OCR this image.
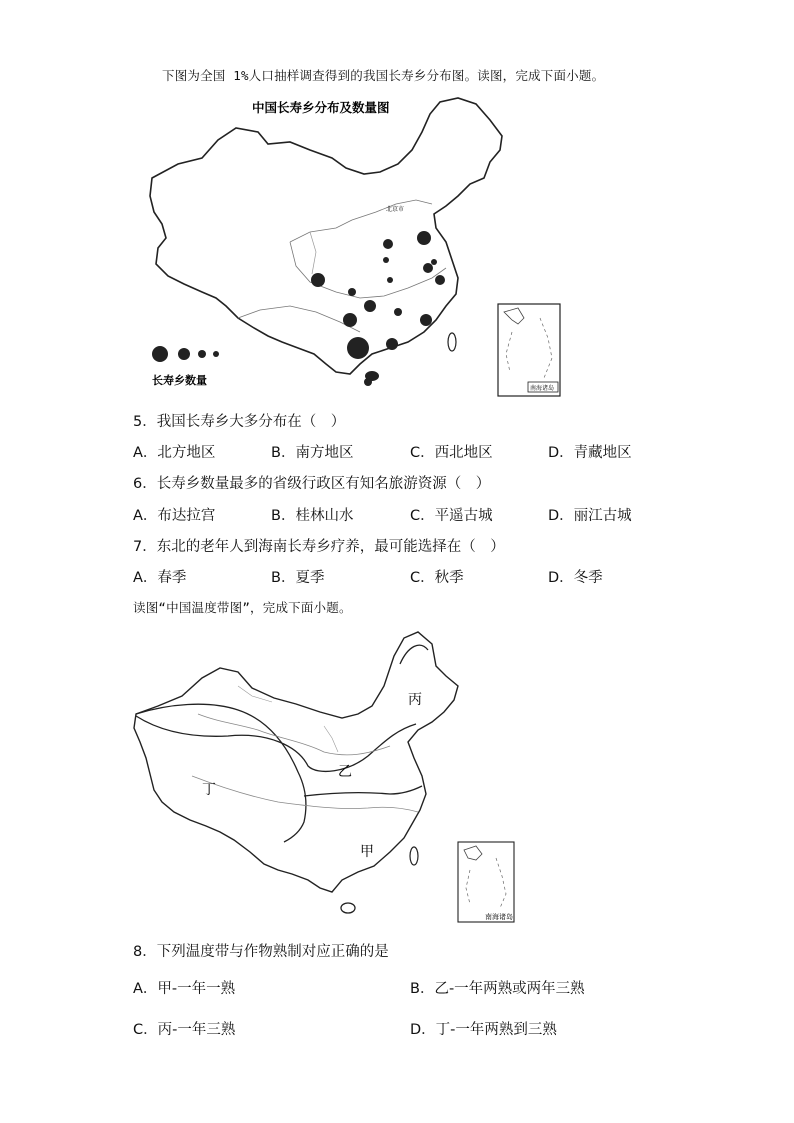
下图为全国 1%人口抽样调查得到的我国长寿乡分布图。读图，完成下面小题。
中国长寿乡分布及数量图
北京市
长寿乡数量
南海诸岛
5．我国长寿乡大多分布在（　）
A．北方地区	B．南方地区	C．西北地区	D．青藏地区
6．长寿乡数量最多的省级行政区有知名旅游资源（　）
A．布达拉宫	B．桂林山水	C．平遥古城	D．丽江古城
7．东北的老年人到海南长寿乡疗养，最可能选择在（　）
A．春季	B．夏季	C．秋季	D．冬季
读图“中国温度带图”，完成下面小题。
丙
乙
丁
甲
南海诸岛
8．下列温度带与作物熟制对应正确的是
A．甲-一年一熟	B．乙-一年两熟或两年三熟
C．丙-一年三熟	D．丁-一年两熟到三熟
